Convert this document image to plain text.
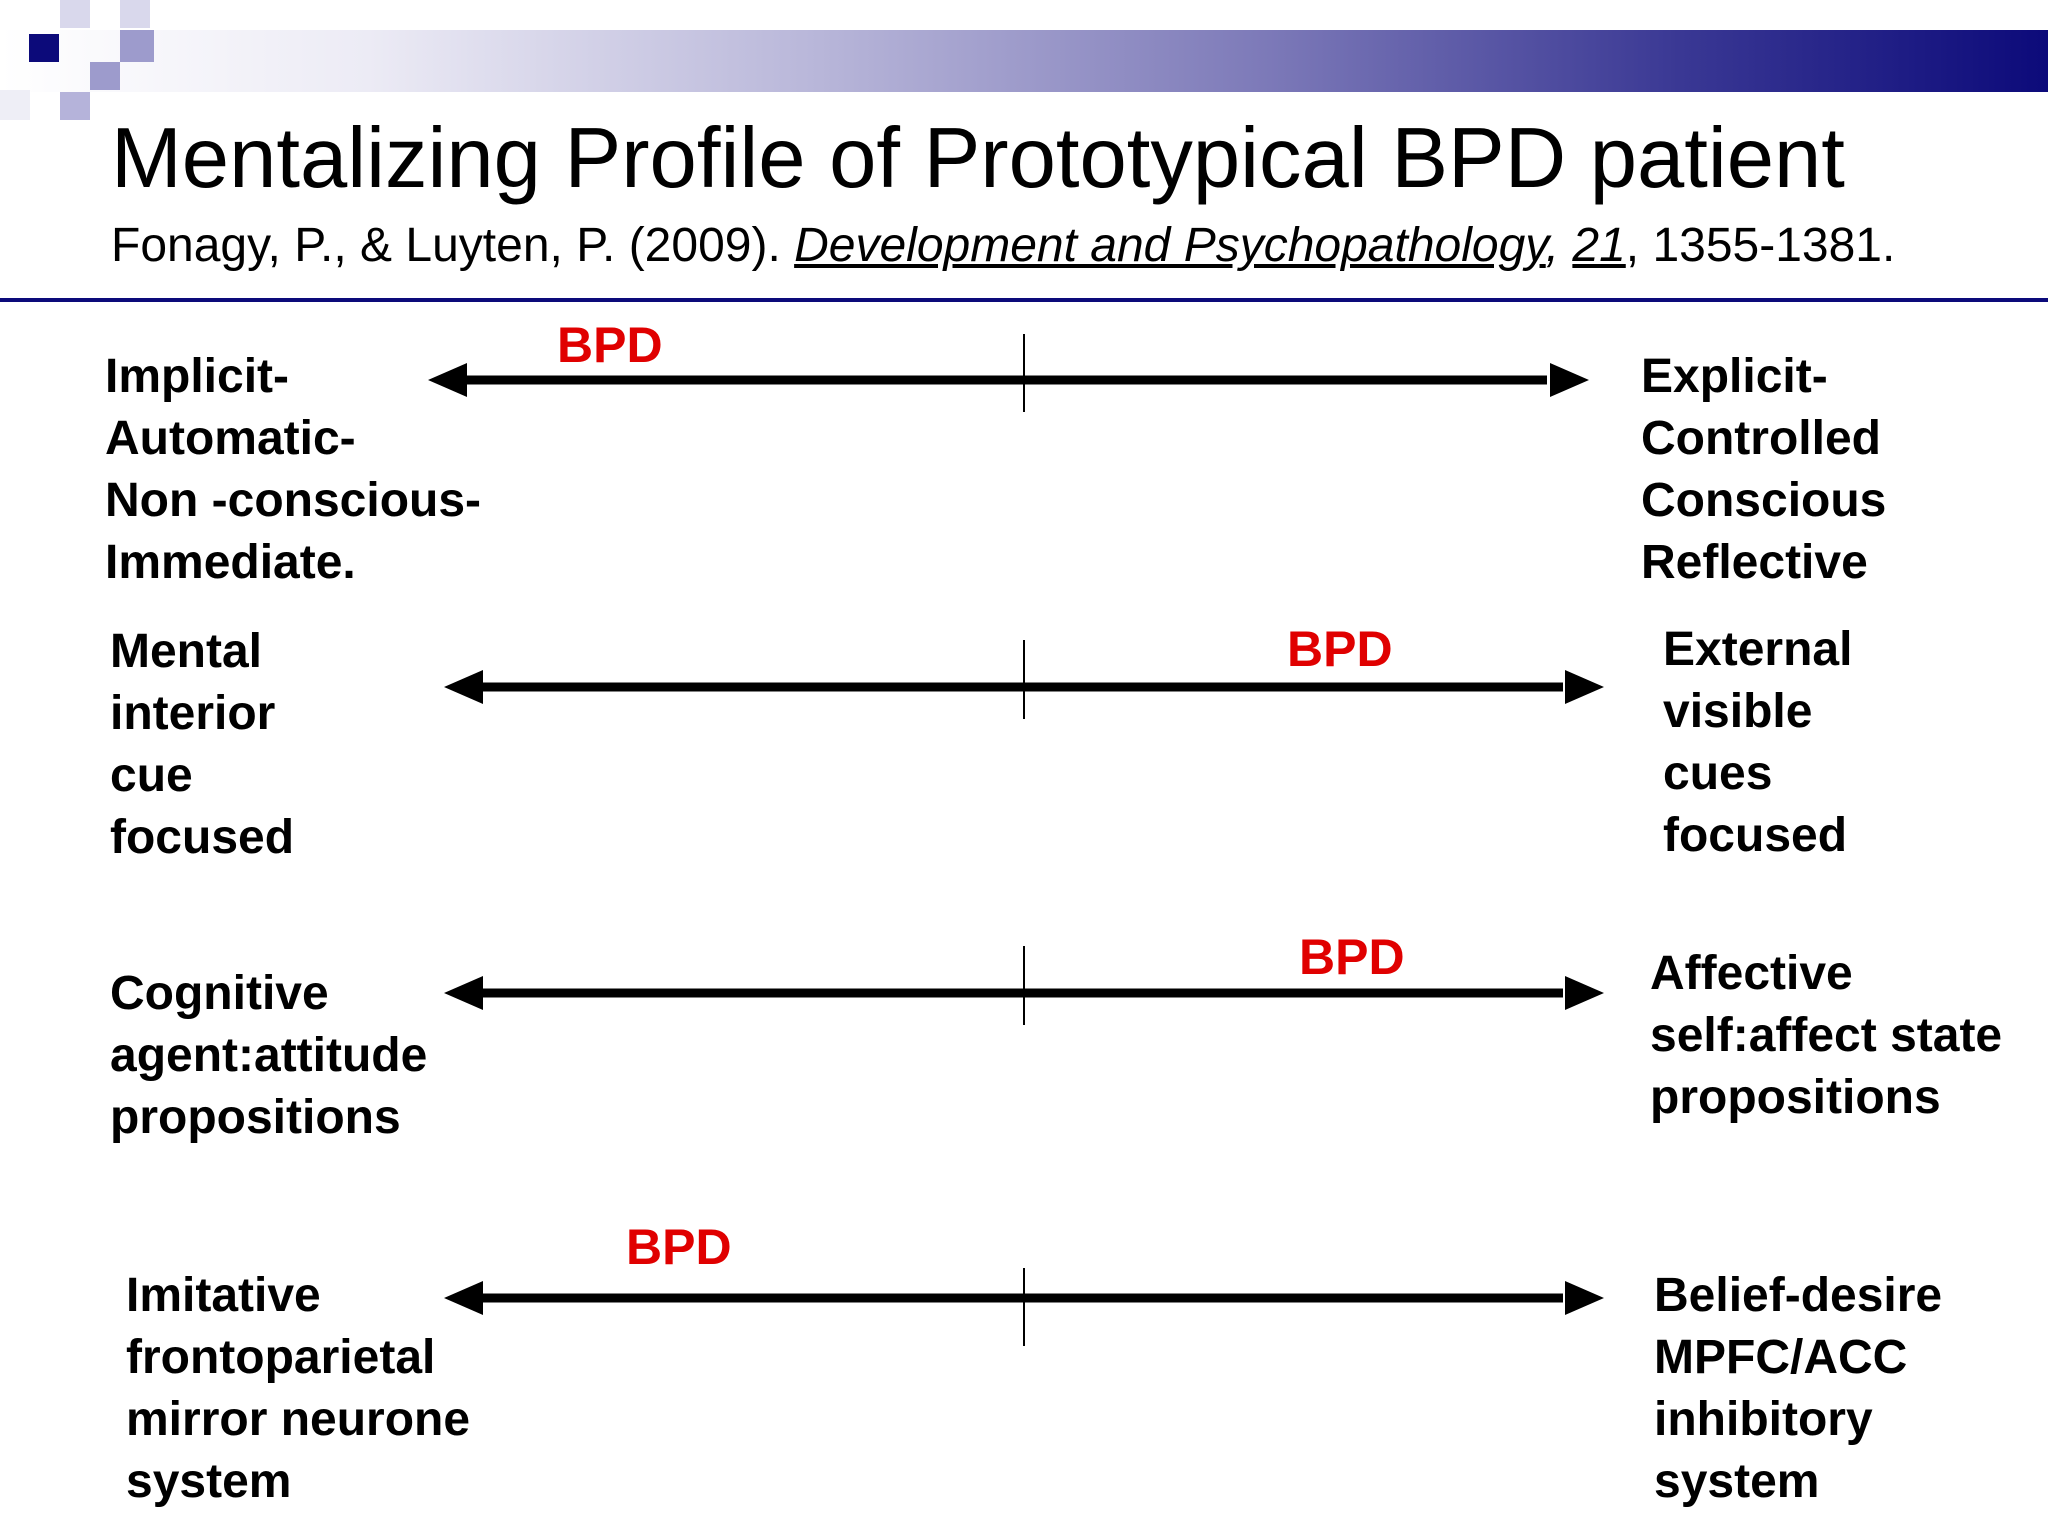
Mentalizing Profile of Prototypical BPD patient

Fonagy, P., & Luyten, P. (2009). Development and Psychopathology, 21, 1355-1381.

Implicit-
Automatic-
Non -conscious-
Immediate.

Explicit-
Controlled
Conscious
Reflective

BPD

Mental
interior
cue
focused

External
visible
cues
focused

BPD

Cognitive
agent:attitude
propositions

Affective
self:affect state
propositions

BPD

Imitative
frontoparietal
mirror neurone
system

Belief-desire
MPFC/ACC
inhibitory
system

BPD
